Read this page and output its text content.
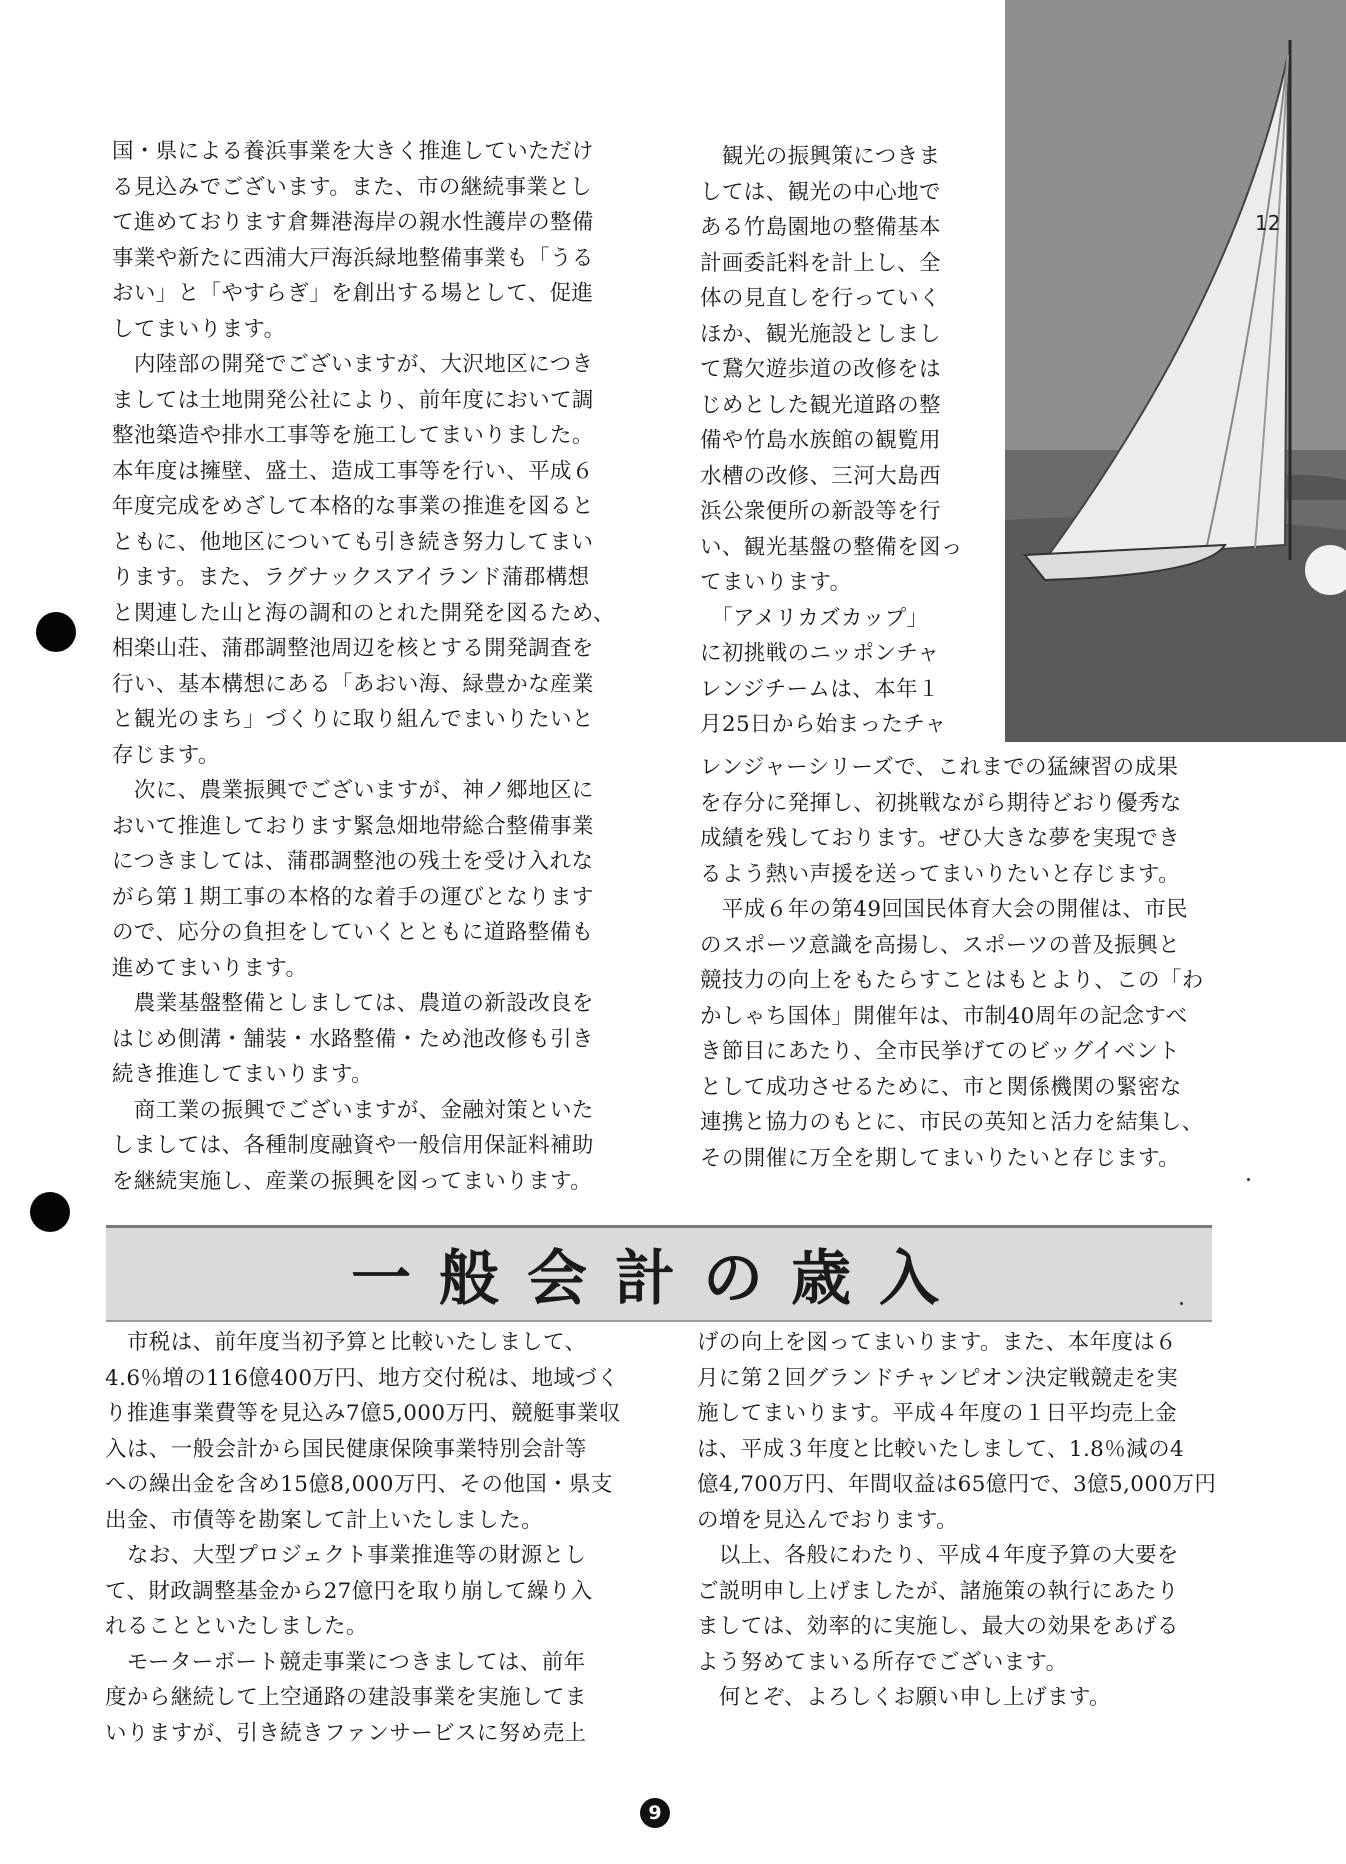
国・県による養浜事業を大きく推進していただけ
る見込みでございます。また、市の継続事業とし
て進めております倉舞港海岸の親水性護岸の整備
事業や新たに西浦大戸海浜緑地整備事業も「うる
おい」と「やすらぎ」を創出する場として、促進
してまいります。
　内陸部の開発でございますが、大沢地区につき
ましては土地開発公社により、前年度において調
整池築造や排水工事等を施工してまいりました。
本年度は擁壁、盛土、造成工事等を行い、平成６
年度完成をめざして本格的な事業の推進を図ると
ともに、他地区についても引き続き努力してまい
ります。また、ラグナックスアイランド蒲郡構想
と関連した山と海の調和のとれた開発を図るため、
相楽山荘、蒲郡調整池周辺を核とする開発調査を
行い、基本構想にある「あおい海、緑豊かな産業
と観光のまち」づくりに取り組んでまいりたいと
存じます。
　次に、農業振興でございますが、神ノ郷地区に
おいて推進しております緊急畑地帯総合整備事業
につきましては、蒲郡調整池の残土を受け入れな
がら第１期工事の本格的な着手の運びとなります
ので、応分の負担をしていくとともに道路整備も
進めてまいります。
　農業基盤整備としましては、農道の新設改良を
はじめ側溝・舗装・水路整備・ため池改修も引き
続き推進してまいります。
　商工業の振興でございますが、金融対策といた
しましては、各種制度融資や一般信用保証料補助
を継続実施し、産業の振興を図ってまいります。
　観光の振興策につきま
しては、観光の中心地で
ある竹島園地の整備基本
計画委託料を計上し、全
体の見直しを行っていく
ほか、観光施設としまし
て鵞欠遊歩道の改修をは
じめとした観光道路の整
備や竹島水族館の観覧用
水槽の改修、三河大島西
浜公衆便所の新設等を行
い、観光基盤の整備を図っ
てまいります。
　「アメリカズカップ」
に初挑戦のニッポンチャ
レンジチームは、本年１
月25日から始まったチャ
レンジャーシリーズで、これまでの猛練習の成果
を存分に発揮し、初挑戦ながら期待どおり優秀な
成績を残しております。ぜひ大きな夢を実現でき
るよう熱い声援を送ってまいりたいと存じます。
　平成６年の第49回国民体育大会の開催は、市民
のスポーツ意識を高揚し、スポーツの普及振興と
競技力の向上をもたらすことはもとより、この「わ
かしゃち国体」開催年は、市制40周年の記念すべ
き節目にあたり、全市民挙げてのビッグイベント
として成功させるために、市と関係機関の緊密な
連携と協力のもとに、市民の英知と活力を結集し、
その開催に万全を期してまいりたいと存じます。
12
一般会計の歳入
　市税は、前年度当初予算と比較いたしまして、
4.6％増の116億400万円、地方交付税は、地域づく
り推進事業費等を見込み7億5,000万円、競艇事業収
入は、一般会計から国民健康保険事業特別会計等
への繰出金を含め15億8,000万円、その他国・県支
出金、市債等を勘案して計上いたしました。
　なお、大型プロジェクト事業推進等の財源とし
て、財政調整基金から27億円を取り崩して繰り入
れることといたしました。
　モーターボート競走事業につきましては、前年
度から継続して上空通路の建設事業を実施してま
いりますが、引き続きファンサービスに努め売上
げの向上を図ってまいります。また、本年度は６
月に第２回グランドチャンピオン決定戦競走を実
施してまいります。平成４年度の１日平均売上金
は、平成３年度と比較いたしまして、1.8％減の4
億4,700万円、年間収益は65億円で、3億5,000万円
の増を見込んでおります。
　以上、各般にわたり、平成４年度予算の大要を
ご説明申し上げましたが、諸施策の執行にあたり
ましては、効率的に実施し、最大の効果をあげる
よう努めてまいる所存でございます。
　何とぞ、よろしくお願い申し上げます。
9
